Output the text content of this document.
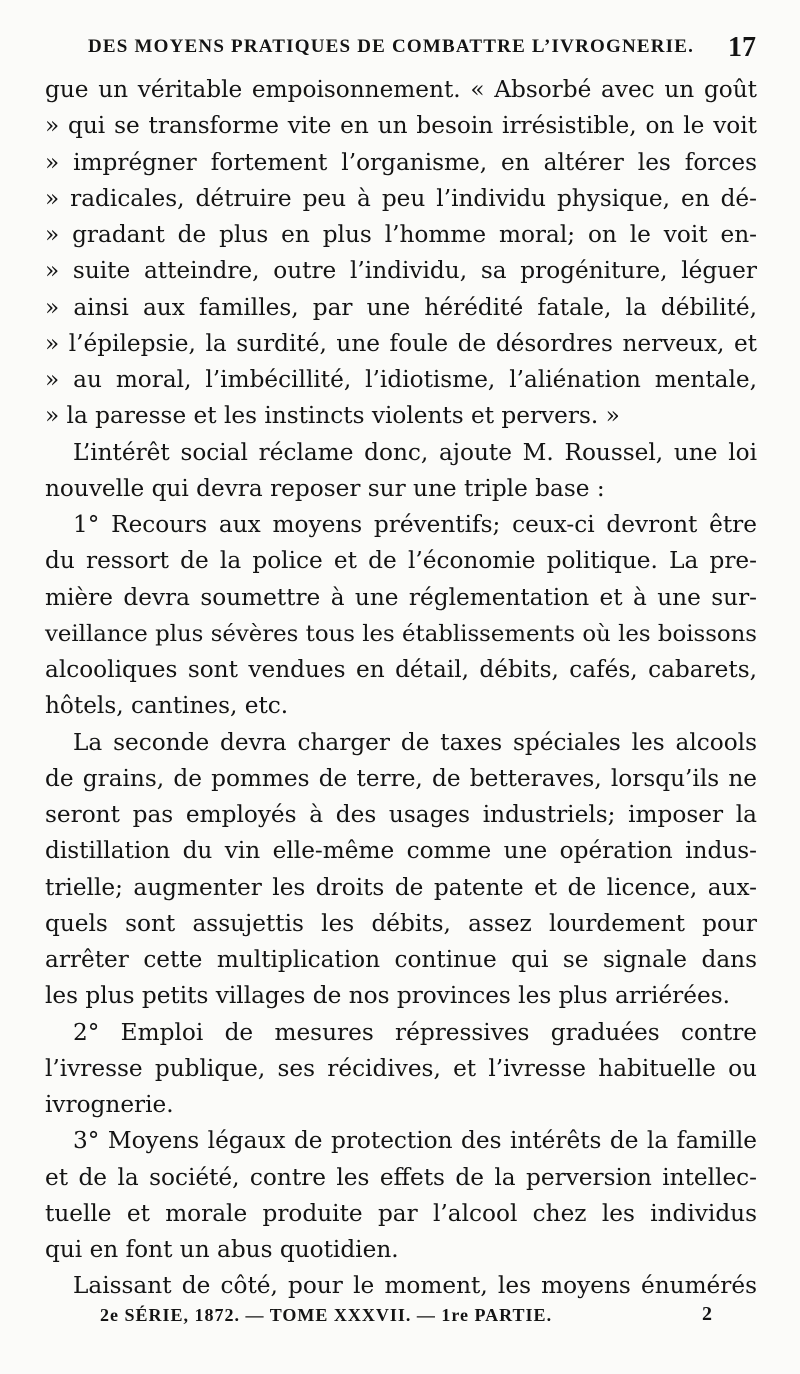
DES MOYENS PRATIQUES DE COMBATTRE L’IVROGNERIE. 17
gue un véritable empoisonnement. « Absorbé avec un goût
» qui se transforme vite en un besoin irrésistible, on le voit
» imprégner fortement l’organisme, en altérer les forces
» radicales, détruire peu à peu l’individu physique, en dé-
» gradant de plus en plus l’homme moral; on le voit en-
» suite atteindre, outre l’individu, sa progéniture, léguer
» ainsi aux familles, par une hérédité fatale, la débilité,
» l’épilepsie, la surdité, une foule de désordres nerveux, et
» au moral, l’imbécillité, l’idiotisme, l’aliénation mentale,
» la paresse et les instincts violents et pervers. »
L’intérêt social réclame donc, ajoute M. Roussel, une loi
nouvelle qui devra reposer sur une triple base :
1° Recours aux moyens préventifs; ceux-ci devront être
du ressort de la police et de l’économie politique. La pre-
mière devra soumettre à une réglementation et à une sur-
veillance plus sévères tous les établissements où les boissons
alcooliques sont vendues en détail, débits, cafés, cabarets,
hôtels, cantines, etc.
La seconde devra charger de taxes spéciales les alcools
de grains, de pommes de terre, de betteraves, lorsqu’ils ne
seront pas employés à des usages industriels; imposer la
distillation du vin elle-même comme une opération indus-
trielle; augmenter les droits de patente et de licence, aux-
quels sont assujettis les débits, assez lourdement pour
arrêter cette multiplication continue qui se signale dans
les plus petits villages de nos provinces les plus arriérées.
2° Emploi de mesures répressives graduées contre
l’ivresse publique, ses récidives, et l’ivresse habituelle ou
ivrognerie.
3° Moyens légaux de protection des intérêts de la famille
et de la société, contre les effets de la perversion intellec-
tuelle et morale produite par l’alcool chez les individus
qui en font un abus quotidien.
Laissant de côté, pour le moment, les moyens énumérés
2e SÉRIE, 1872. — TOME XXXVII. — 1re PARTIE.	2
